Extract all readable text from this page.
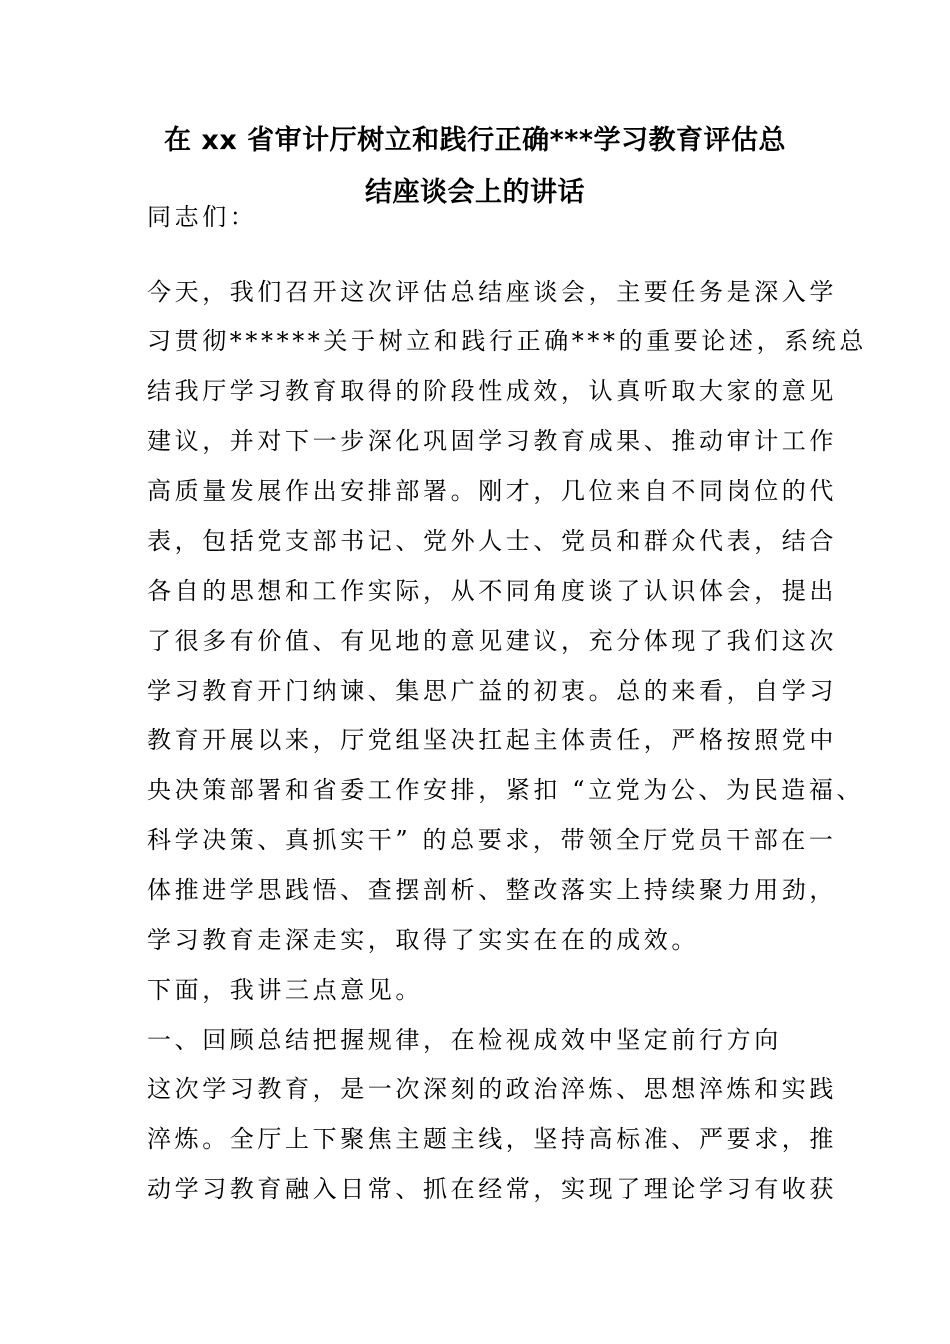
在 xx 省审计厅树立和践行正确***学习教育评估总
结座谈会上的讲话
同志们：
今天，我们召开这次评估总结座谈会，主要任务是深入学
习贯彻******关于树立和践行正确***的重要论述，系统总
结我厅学习教育取得的阶段性成效，认真听取大家的意见
建议，并对下一步深化巩固学习教育成果、推动审计工作
高质量发展作出安排部署。刚才，几位来自不同岗位的代
表，包括党支部书记、党外人士、党员和群众代表，结合
各自的思想和工作实际，从不同角度谈了认识体会，提出
了很多有价值、有见地的意见建议，充分体现了我们这次
学习教育开门纳谏、集思广益的初衷。总的来看，自学习
教育开展以来，厅党组坚决扛起主体责任，严格按照党中
央决策部署和省委工作安排，紧扣 “立党为公、为民造福、
科学决策、真抓实干” 的总要求，带领全厅党员干部在一
体推进学思践悟、查摆剖析、整改落实上持续聚力用劲，
学习教育走深走实，取得了实实在在的成效。
下面，我讲三点意见。
一、回顾总结把握规律，在检视成效中坚定前行方向
这次学习教育，是一次深刻的政治淬炼、思想淬炼和实践
淬炼。全厅上下聚焦主题主线，坚持高标准、严要求，推
动学习教育融入日常、抓在经常，实现了理论学习有收获
